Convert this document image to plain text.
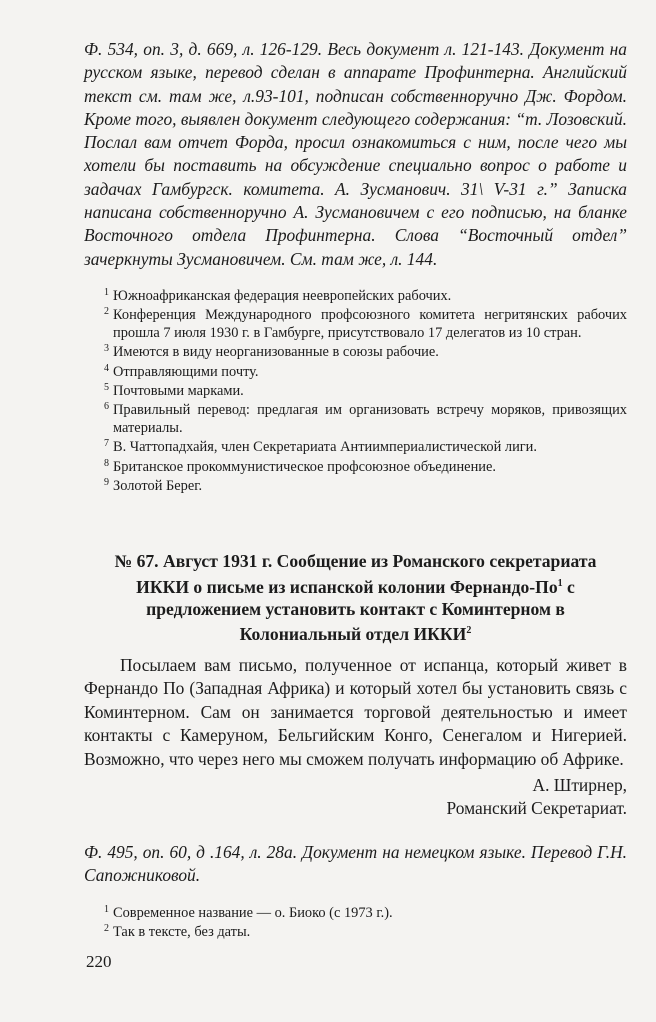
Ф. 534, оп. 3, д. 669, л. 126-129. Весь документ л. 121-143. Документ на русском языке, перевод сделан в аппарате Профинтерна. Английский текст см. там же, л.93-101, подписан собственноручно Дж. Фордом. Кроме того, выявлен документ следующего содержания: “т. Лозовский. Послал вам отчет Форда, просил ознакомиться с ним, после чего мы хотели бы поставить на обсуждение специально вопрос о работе и задачах Гамбургск. комитета. А. Зусманович. 31\ V-31 г.” Записка написана собственноручно А. Зусмановичем с его подписью, на бланке Восточного отдела Профинтерна. Слова “Восточный отдел” зачеркнуты Зусмановичем. См. там же, л. 144.

1 Южноафриканская федерация неевропейских рабочих.
2 Конференция Международного профсоюзного комитета негритянских рабочих прошла 7 июля 1930 г. в Гамбурге, присутствовало 17 делегатов из 10 стран.
3 Имеются в виду неорганизованные в союзы рабочие.
4 Отправляющими почту.
5 Почтовыми марками.
6 Правильный перевод: предлагая им организовать встречу моряков, привозящих материалы.
7 В. Чаттопадхайя, член Секретариата Антиимпериалистической лиги.
8 Британское прокоммунистическое профсоюзное объединение.
9 Золотой Берег.
№ 67. Август 1931 г. Сообщение из Романского секретариата ИККИ о письме из испанской колонии Фернандо-$По^1$ с предложением установить контакт с Коминтерном в Колониальный отдел ИККИ$^2$
Посылаем вам письмо, полученное от испанца, который живет в Фернандо По (Западная Африка) и который хотел бы установить связь с Коминтерном. Сам он занимается торговой деятельностью и имеет контакты с Камеруном, Бельгийским Конго, Сенегалом и Нигерией. Возможно, что через него мы сможем получать информацию об Африке.
А. Штирнер,
Романский Секретариат.

Ф. 495, оп. 60, д .164, л. 28а. Документ на немецком языке. Перевод Г.Н. Сапожниковой.

1 Современное название — о. Биоко (с 1973 г.).
2 Так в тексте, без даты.
220
